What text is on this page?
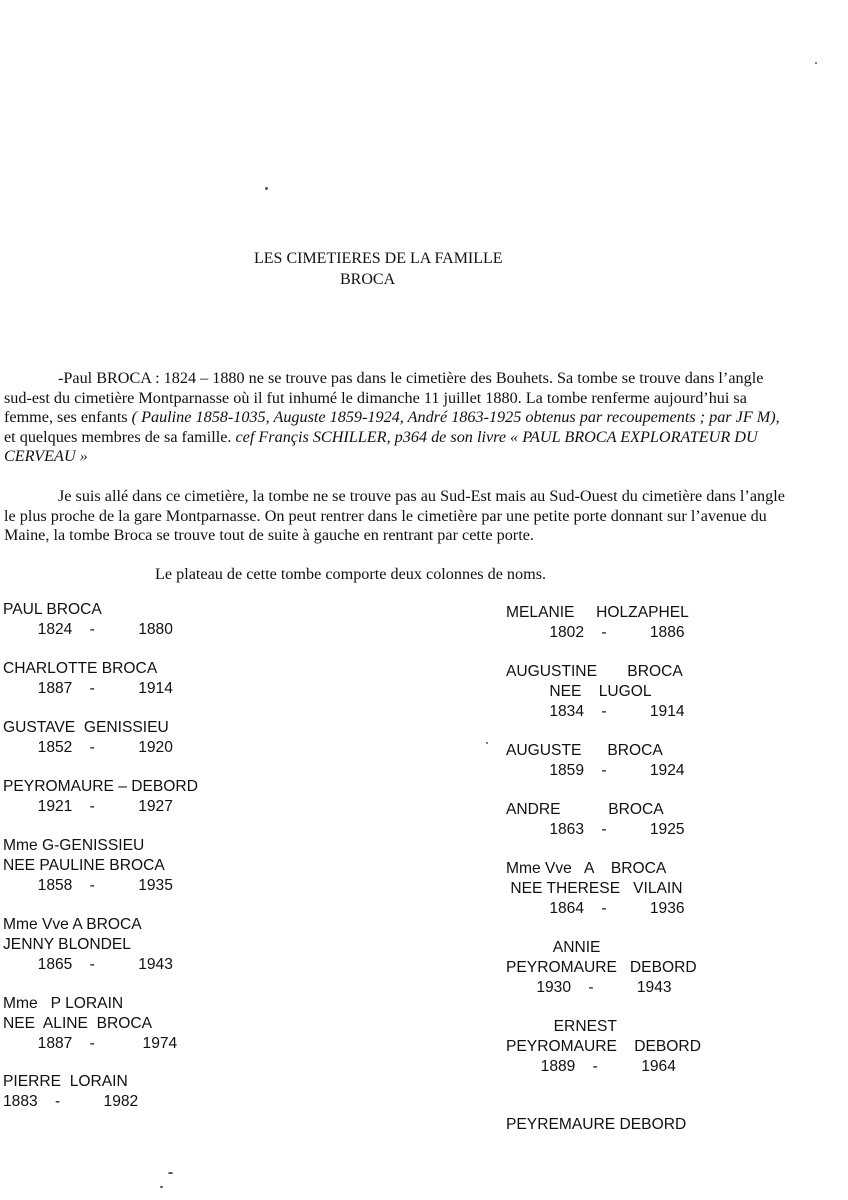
LES CIMETIERES DE LA FAMILLE
BROCA
-Paul BROCA : 1824 – 1880 ne se trouve pas dans le cimetière des Bouhets. Sa tombe se trouve dans l’angle sud-est du cimetière Montparnasse où il fut inhumé le dimanche 11 juillet 1880. La tombe renferme aujourd’hui sa femme, ses enfants ( Pauline 1858-1035, Auguste 1859-1924, André 1863-1925 obtenus par recoupements ; par JF M), et quelques membres de sa famille. cef Françis SCHILLER, p364 de son livre « PAUL BROCA EXPLORATEUR DU CERVEAU »
Je suis allé dans ce cimetière, la tombe ne se trouve pas au Sud-Est mais au Sud-Ouest du cimetière dans l’angle le plus proche de la gare Montparnasse. On peut rentrer dans le cimetière par une petite porte donnant sur l’avenue du Maine, la tombe Broca se trouve tout de suite à gauche en rentrant par cette porte.
Le plateau de cette tombe comporte deux colonnes de noms.
PAUL BROCA
1824    -          1880
CHARLOTTE BROCA
1887    -          1914
GUSTAVE  GENISSIEU
1852    -          1920
PEYROMAURE – DEBORD
1921    -          1927
Mme G-GENISSIEU
NEE PAULINE BROCA
1858    -          1935
Mme Vve A BROCA
JENNY BLONDEL
1865    -          1943
Mme   P LORAIN
NEE  ALINE  BROCA
1887    -           1974
PIERRE  LORAIN
1883    -          1982
MELANIE     HOLZAPHEL
1802    -          1886
AUGUSTINE       BROCA
NEE    LUGOL
1834    -          1914
AUGUSTE      BROCA
1859    -          1924
ANDRE           BROCA
1863    -          1925
Mme Vve   A    BROCA
NEE THERESE   VILAIN
1864    -          1936
ANNIE
PEYROMAURE   DEBORD
1930    -          1943
ERNEST
PEYROMAURE    DEBORD
1889    -          1964
PEYREMAURE DEBORD
